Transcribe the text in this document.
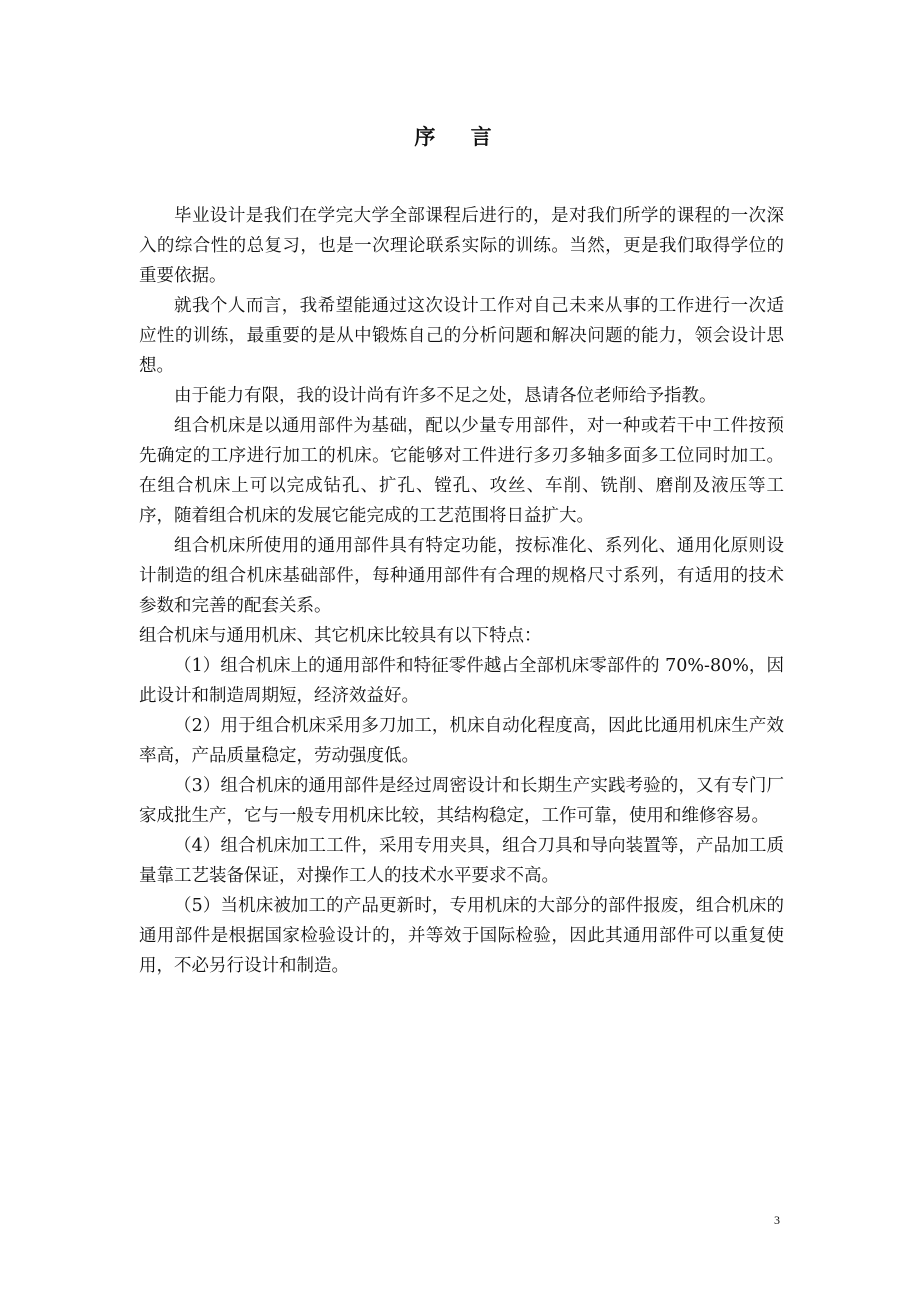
序 言

毕业设计是我们在学完大学全部课程后进行的，是对我们所学的课程的一次深入的综合性的总复习，也是一次理论联系实际的训练。当然，更是我们取得学位的重要依据。

就我个人而言，我希望能通过这次设计工作对自己未来从事的工作进行一次适应性的训练，最重要的是从中锻炼自己的分析问题和解决问题的能力，领会设计思想。

由于能力有限，我的设计尚有许多不足之处，恳请各位老师给予指教。

组合机床是以通用部件为基础，配以少量专用部件，对一种或若干中工件按预先确定的工序进行加工的机床。它能够对工件进行多刃多轴多面多工位同时加工。在组合机床上可以完成钻孔、扩孔、镗孔、攻丝、车削、铣削、磨削及液压等工序，随着组合机床的发展它能完成的工艺范围将日益扩大。

组合机床所使用的通用部件具有特定功能，按标准化、系列化、通用化原则设计制造的组合机床基础部件，每种通用部件有合理的规格尺寸系列，有适用的技术参数和完善的配套关系。

组合机床与通用机床、其它机床比较具有以下特点：

（1）组合机床上的通用部件和特征零件越占全部机床零部件的 70%-80%，因此设计和制造周期短，经济效益好。

（2）用于组合机床采用多刀加工，机床自动化程度高，因此比通用机床生产效率高，产品质量稳定，劳动强度低。

（3）组合机床的通用部件是经过周密设计和长期生产实践考验的，又有专门厂家成批生产，它与一般专用机床比较，其结构稳定，工作可靠，使用和维修容易。

（4）组合机床加工工件，采用专用夹具，组合刀具和导向装置等，产品加工质量靠工艺装备保证，对操作工人的技术水平要求不高。

（5）当机床被加工的产品更新时，专用机床的大部分的部件报废，组合机床的通用部件是根据国家检验设计的，并等效于国际检验，因此其通用部件可以重复使用，不必另行设计和制造。

3
